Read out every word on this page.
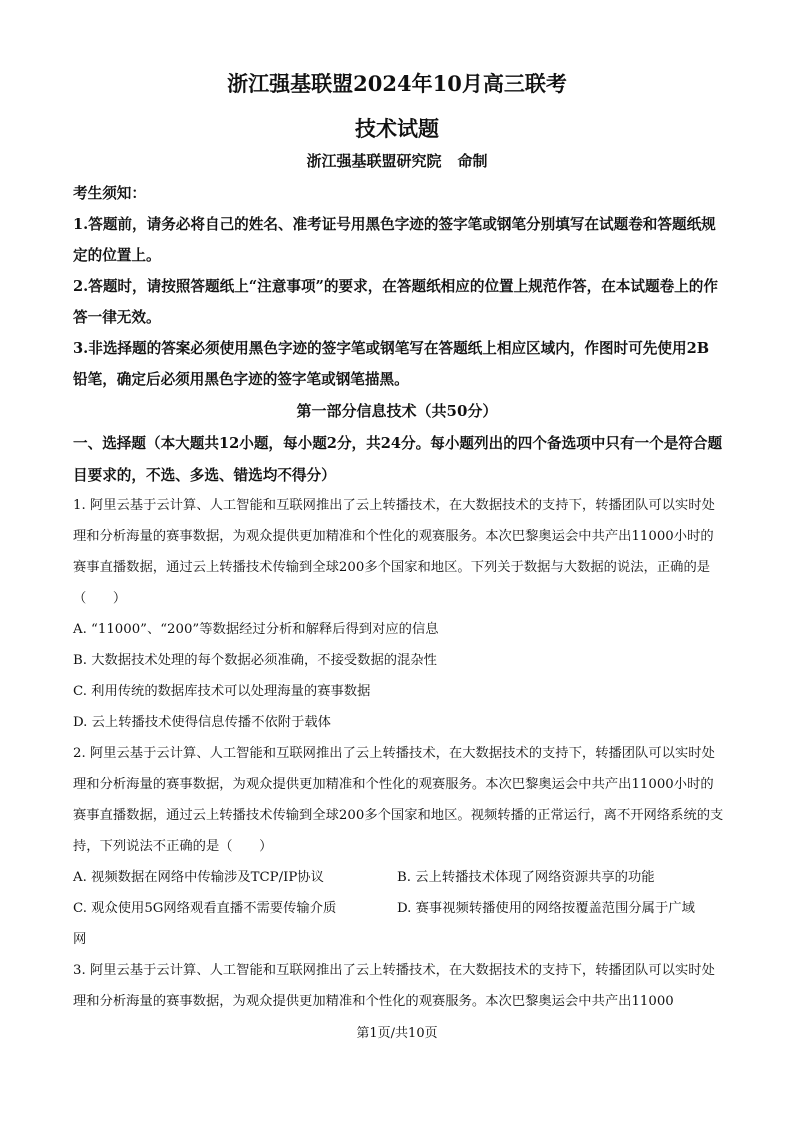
浙江强基联盟2024年10月高三联考
技术试题
浙江强基联盟研究院 命制

考生须知：

1.答题前，请务必将自己的姓名、准考证号用黑色字迹的签字笔或钢笔分别填写在试题卷和答题纸规定的位置上。

2.答题时，请按照答题纸上“注意事项”的要求，在答题纸相应的位置上规范作答，在本试题卷上的作答一律无效。

3.非选择题的答案必须使用黑色字迹的签字笔或钢笔写在答题纸上相应区域内，作图时可先使用2B铅笔，确定后必须用黑色字迹的签字笔或钢笔描黑。

第一部分信息技术（共50分）
一、选择题（本大题共12小题，每小题2分，共24分。每小题列出的四个备选项中只有一个是符合题目要求的，不选、多选、错选均不得分）

1. 阿里云基于云计算、人工智能和互联网推出了云上转播技术，在大数据技术的支持下，转播团队可以实时处理和分析海量的赛事数据，为观众提供更加精准和个性化的观赛服务。本次巴黎奥运会中共产出11000小时的赛事直播数据，通过云上转播技术传输到全球200多个国家和地区。下列关于数据与大数据的说法，正确的是（　　）

A. “11000”、“200”等数据经过分析和解释后得到对应的信息

B. 大数据技术处理的每个数据必须准确，不接受数据的混杂性

C. 利用传统的数据库技术可以处理海量的赛事数据

D. 云上转播技术使得信息传播不依附于载体

2. 阿里云基于云计算、人工智能和互联网推出了云上转播技术，在大数据技术的支持下，转播团队可以实时处理和分析海量的赛事数据，为观众提供更加精准和个性化的观赛服务。本次巴黎奥运会中共产出11000小时的赛事直播数据，通过云上转播技术传输到全球200多个国家和地区。视频转播的正常运行，离不开网络系统的支持，下列说法不正确的是（　　）

A. 视频数据在网络中传输涉及TCP/IP协议	B. 云上转播技术体现了网络资源共享的功能
C. 观众使用5G网络观看直播不需要传输介质	D. 赛事视频转播使用的网络按覆盖范围分属于广域

网

3. 阿里云基于云计算、人工智能和互联网推出了云上转播技术，在大数据技术的支持下，转播团队可以实时处理和分析海量的赛事数据，为观众提供更加精准和个性化的观赛服务。本次巴黎奥运会中共产出11000

第1页/共10页
